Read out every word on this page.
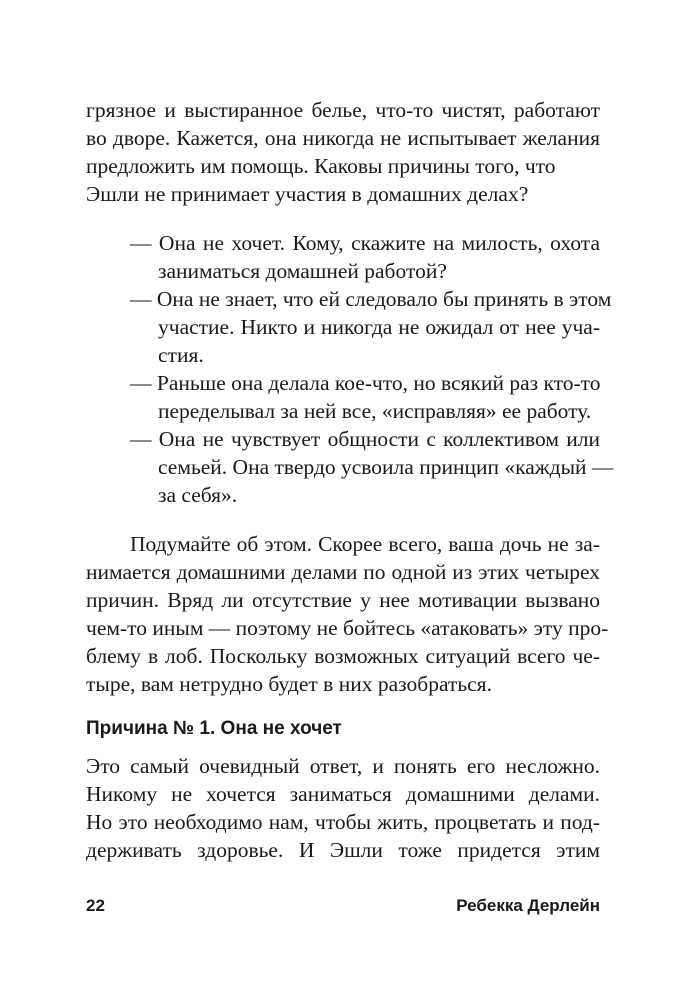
грязное и выстиранное белье, что-то чистят, работают
во дворе. Кажется, она никогда не испытывает желания
предложить им помощь. Каковы причины того, что
Эшли не принимает участия в домашних делах?
— Она не хочет. Кому, скажите на милость, охота
заниматься домашней работой?
— Она не знает, что ей следовало бы принять в этом
участие. Никто и никогда не ожидал от нее уча-
стия.
— Раньше она делала кое-что, но всякий раз кто-то
переделывал за ней все, «исправляя» ее работу.
— Она не чувствует общности с коллективом или
семьей. Она твердо усвоила принцип «каждый —
за себя».
Подумайте об этом. Скорее всего, ваша дочь не за-
нимается домашними делами по одной из этих четырех
причин. Вряд ли отсутствие у нее мотивации вызвано
чем-то иным — поэтому не бойтесь «атаковать» эту про-
блему в лоб. Поскольку возможных ситуаций всего че-
тыре, вам нетрудно будет в них разобраться.
Причина № 1. Она не хочет
Это самый очевидный ответ, и понять его несложно.
Никому не хочется заниматься домашними делами.
Но это необходимо нам, чтобы жить, процветать и под-
держивать здоровье. И Эшли тоже придется этим
22	Ребекка Дерлейн
